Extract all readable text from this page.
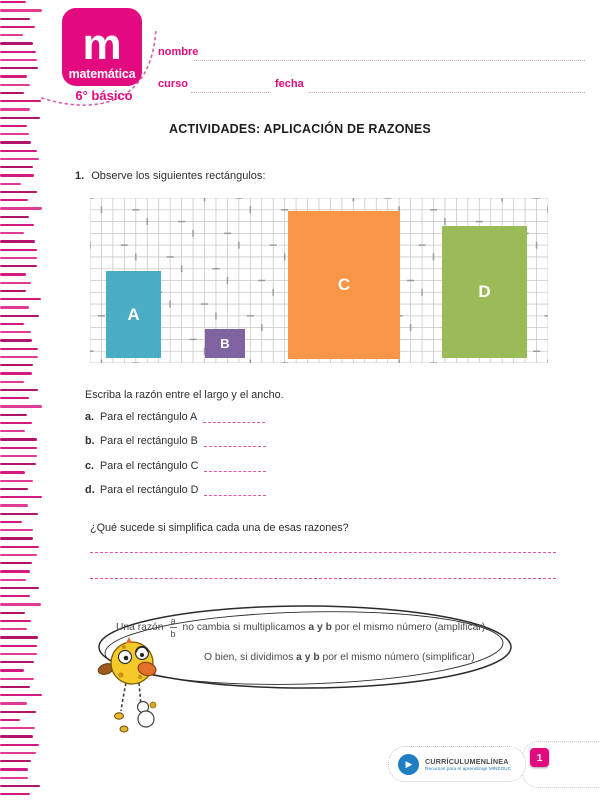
m
matemática
6° básico
nombre
curso	fecha
ACTIVIDADES: APLICACIÓN DE RAZONES
1. Observe los siguientes rectángulos:
A
B
C	D
Escriba la razón entre el largo y el ancho.
a. Para el rectángulo A
b. Para el rectángulo B
c. Para el rectángulo C
d. Para el rectángulo D
¿Qué sucede si simplifica cada una de esas razones?
Una razón $\frac{a}{b}$ no cambia si multiplicamos a y b por el mismo número (amplificar).
O bien, si dividimos a y b por el mismo número (simplificar)
▶	CURRÍCULUMENLÍNEA
Recursos para el aprendizaje MINEDUC
1
